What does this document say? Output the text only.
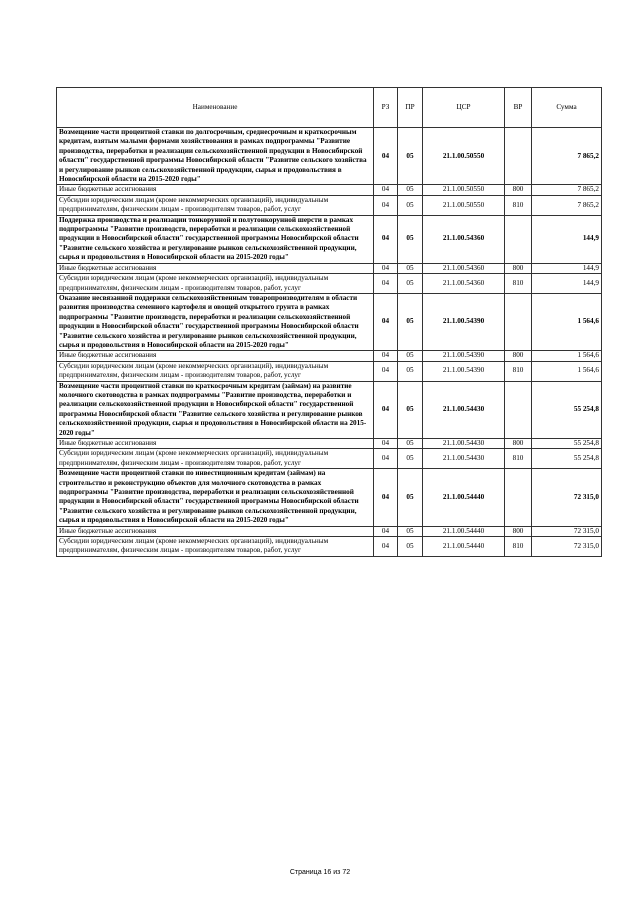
Наименование	РЗ	ПР	ЦСР	ВР	Сумма
Возмещение части процентной ставки по долгосрочным, среднесрочным и краткосрочным кредитам, взятым малыми формами хозяйствования в рамках подпрограммы "Развитие производства, переработки и реализации сельскохозяйственной продукции в Новосибирской области" государственной программы Новосибирской области "Развитие сельского хозяйства и регулирование рынков сельскохозяйственной продукции, сырья и продовольствия в Новосибирской области на 2015-2020 годы"	04	05	21.1.00.50550		7 865,2
Иные бюджетные ассигнования	04	05	21.1.00.50550	800	7 865,2
Субсидии юридическим лицам (кроме некоммерческих организаций), индивидуальным предпринимателям, физическим лицам - производителям товаров, работ, услуг	04	05	21.1.00.50550	810	7 865,2
Поддержка производства и реализации тонкорунной и полутонкорунной шерсти в рамках подпрограммы "Развитие производств, переработки и реализации сельскохозяйственной продукции в Новосибирской области" государственной программы Новосибирской области "Развитие сельского хозяйства и регулирование рынков сельскохозяйственной продукции, сырья и продовольствия в Новосибирской области на 2015-2020 годы"	04	05	21.1.00.54360		144,9
Иные бюджетные ассигнования	04	05	21.1.00.54360	800	144,9
Субсидии юридическим лицам (кроме некоммерческих организаций), индивидуальным предпринимателям, физическим лицам - производителям товаров, работ, услуг	04	05	21.1.00.54360	810	144,9
Оказание несвязанной поддержки сельскохозяйственным товаропроизводителям в области развития производства семенного картофеля и овощей открытого грунта в рамках подпрограммы "Развитие производств, переработки и реализации сельскохозяйственной продукции в Новосибирской области" государственной программы Новосибирской области "Развитие сельского хозяйства и регулирование рынков сельскохозяйственной продукции, сырья и продовольствия в Новосибирской области на 2015-2020 годы"	04	05	21.1.00.54390		1 564,6
Иные бюджетные ассигнования	04	05	21.1.00.54390	800	1 564,6
Субсидии юридическим лицам (кроме некоммерческих организаций), индивидуальным предпринимателям, физическим лицам - производителям товаров, работ, услуг	04	05	21.1.00.54390	810	1 564,6
Возмещение части процентной ставки по краткосрочным кредитам (займам) на развитие молочного скотоводства в рамках подпрограммы "Развитие производства, переработки и реализации сельскохозяйственной продукции в Новосибирской области" государственной программы Новосибирской области "Развитие сельского хозяйства и регулирование рынков сельскохозяйственной продукции, сырья и продовольствия в Новосибирской области на 2015-2020 годы"	04	05	21.1.00.54430		55 254,8
Иные бюджетные ассигнования	04	05	21.1.00.54430	800	55 254,8
Субсидии юридическим лицам (кроме некоммерческих организаций), индивидуальным предпринимателям, физическим лицам - производителям товаров, работ, услуг	04	05	21.1.00.54430	810	55 254,8
Возмещение части процентной ставки по инвестиционным кредитам (займам) на строительство и реконструкцию объектов для молочного скотоводства в рамках подпрограммы "Развитие производства, переработки и реализации сельскохозяйственной продукции в Новосибирской области" государственной программы Новосибирской области "Развитие сельского хозяйства и регулирование рынков сельскохозяйственной продукции, сырья и продовольствия в Новосибирской области на 2015-2020 годы"	04	05	21.1.00.54440		72 315,0
Иные бюджетные ассигнования	04	05	21.1.00.54440	800	72 315,0
Субсидии юридическим лицам (кроме некоммерческих организаций), индивидуальным предпринимателям, физическим лицам - производителям товаров, работ, услуг	04	05	21.1.00.54440	810	72 315,0
Страница 16 из 72
